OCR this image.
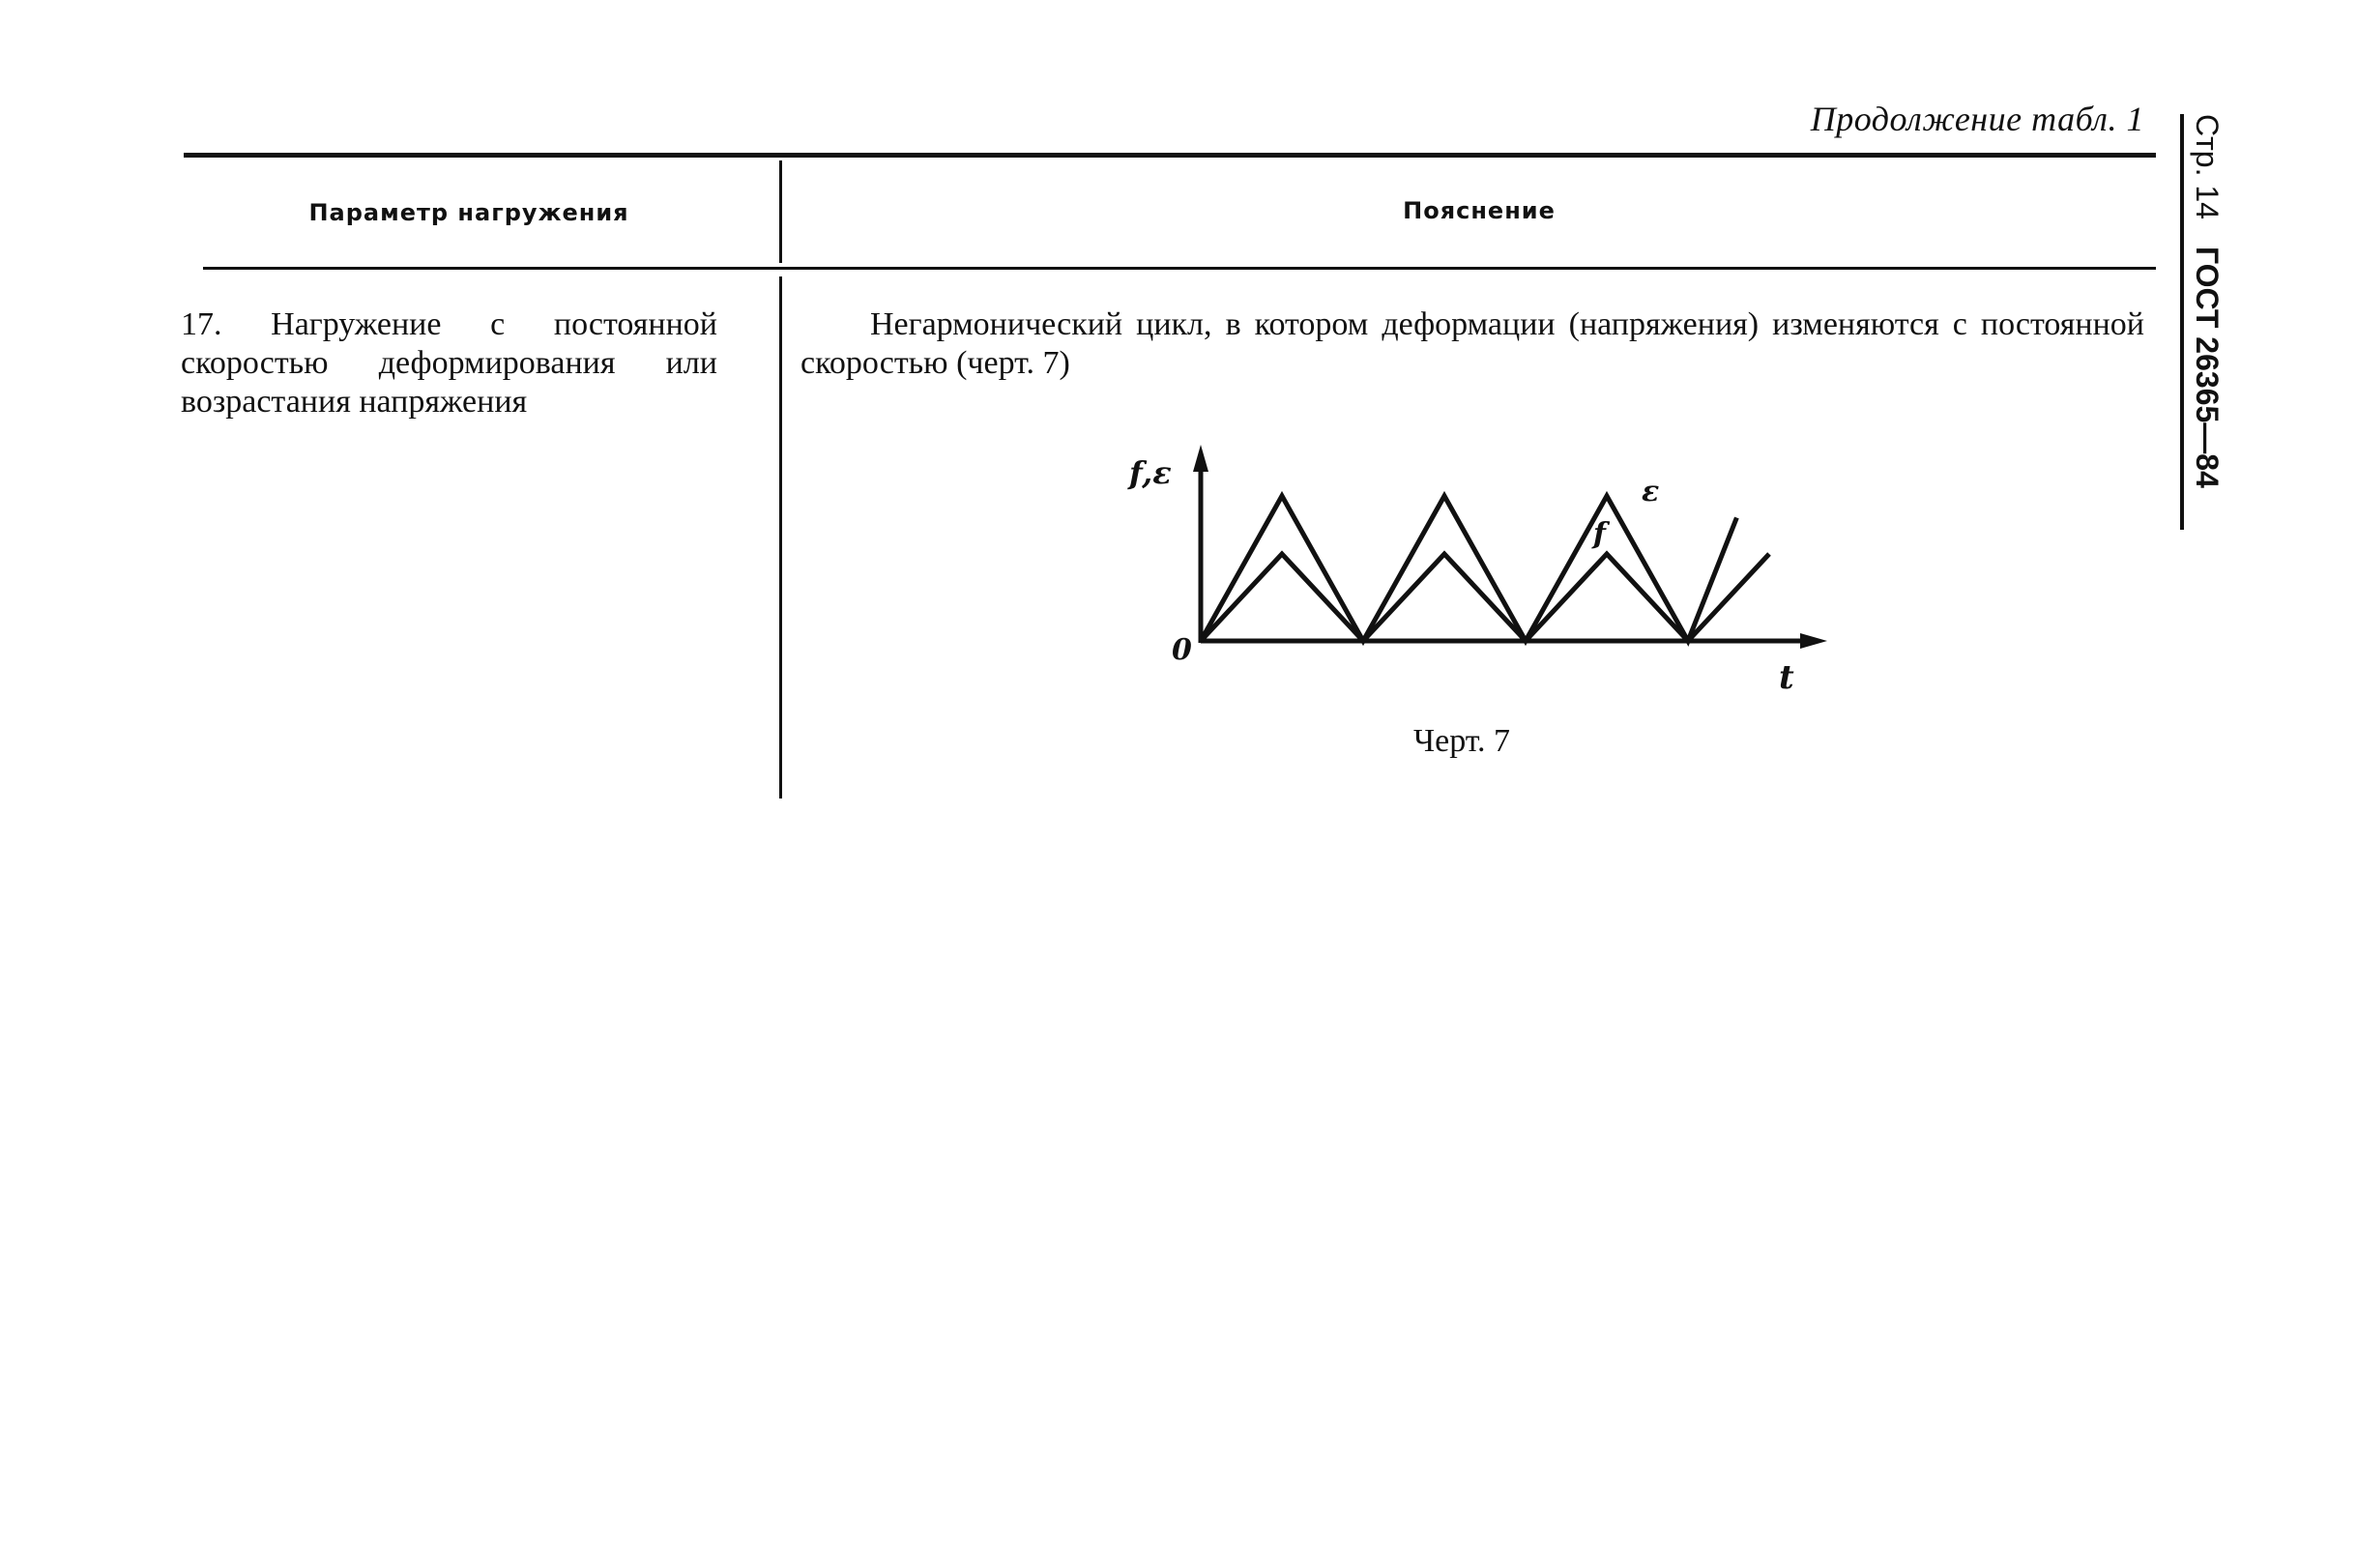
Продолжение табл. 1 Стр. 14
ГОСТ 26365—84
Параметр нагружения	Пояснение
17. Нагружение с постоянной скоростью деформирования или возрастания напряжения
Негармонический цикл, в котором деформации (напряжения) изменяются с постоянной скоростью (черт. 7)
f,ε
0
t
ε
f
Черт. 7
